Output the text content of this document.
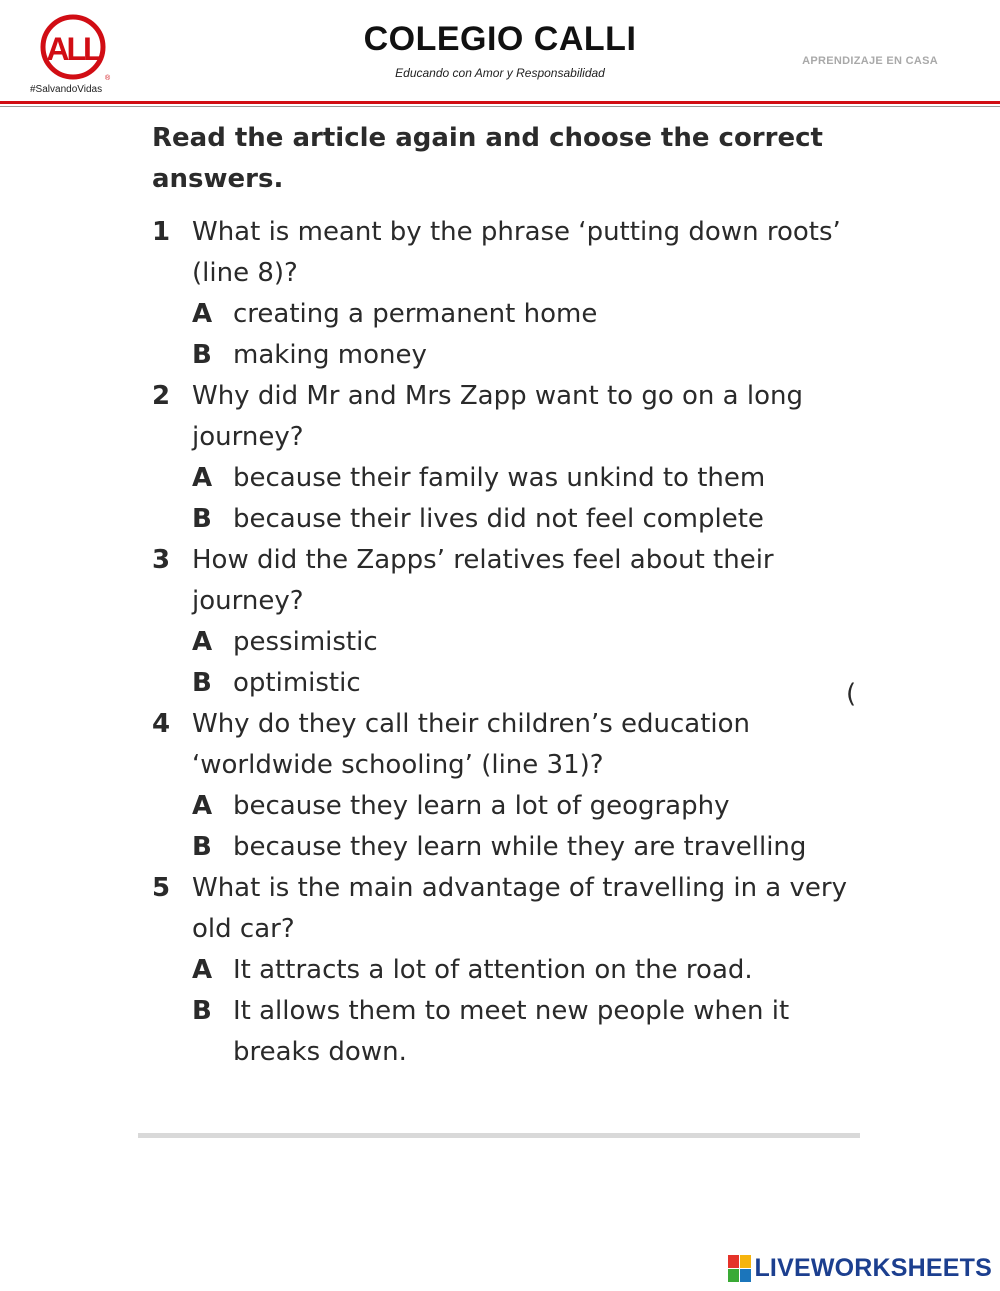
ALL
®
#SalvandoVidas
COLEGIO CALLI
Educando con Amor y Responsabilidad
APRENDIZAJE EN CASA
Read the article again and choose the correct answers.
1 What is meant by the phrase ‘putting down roots’ (line 8)?
A creating a permanent home
B making money
2 Why did Mr and Mrs Zapp want to go on a long journey?
A because their family was unkind to them
B because their lives did not feel complete
3 How did the Zapps’ relatives feel about their journey?
A pessimistic
B optimistic
4 Why do they call their children’s education ‘worldwide schooling’ (line 31)?
A because they learn a lot of geography
B because they learn while they are travelling
5 What is the main advantage of travelling in a very old car?
A It attracts a lot of attention on the road.
B It allows them to meet new people when it breaks down.
(
LIVEWORKSHEETS
